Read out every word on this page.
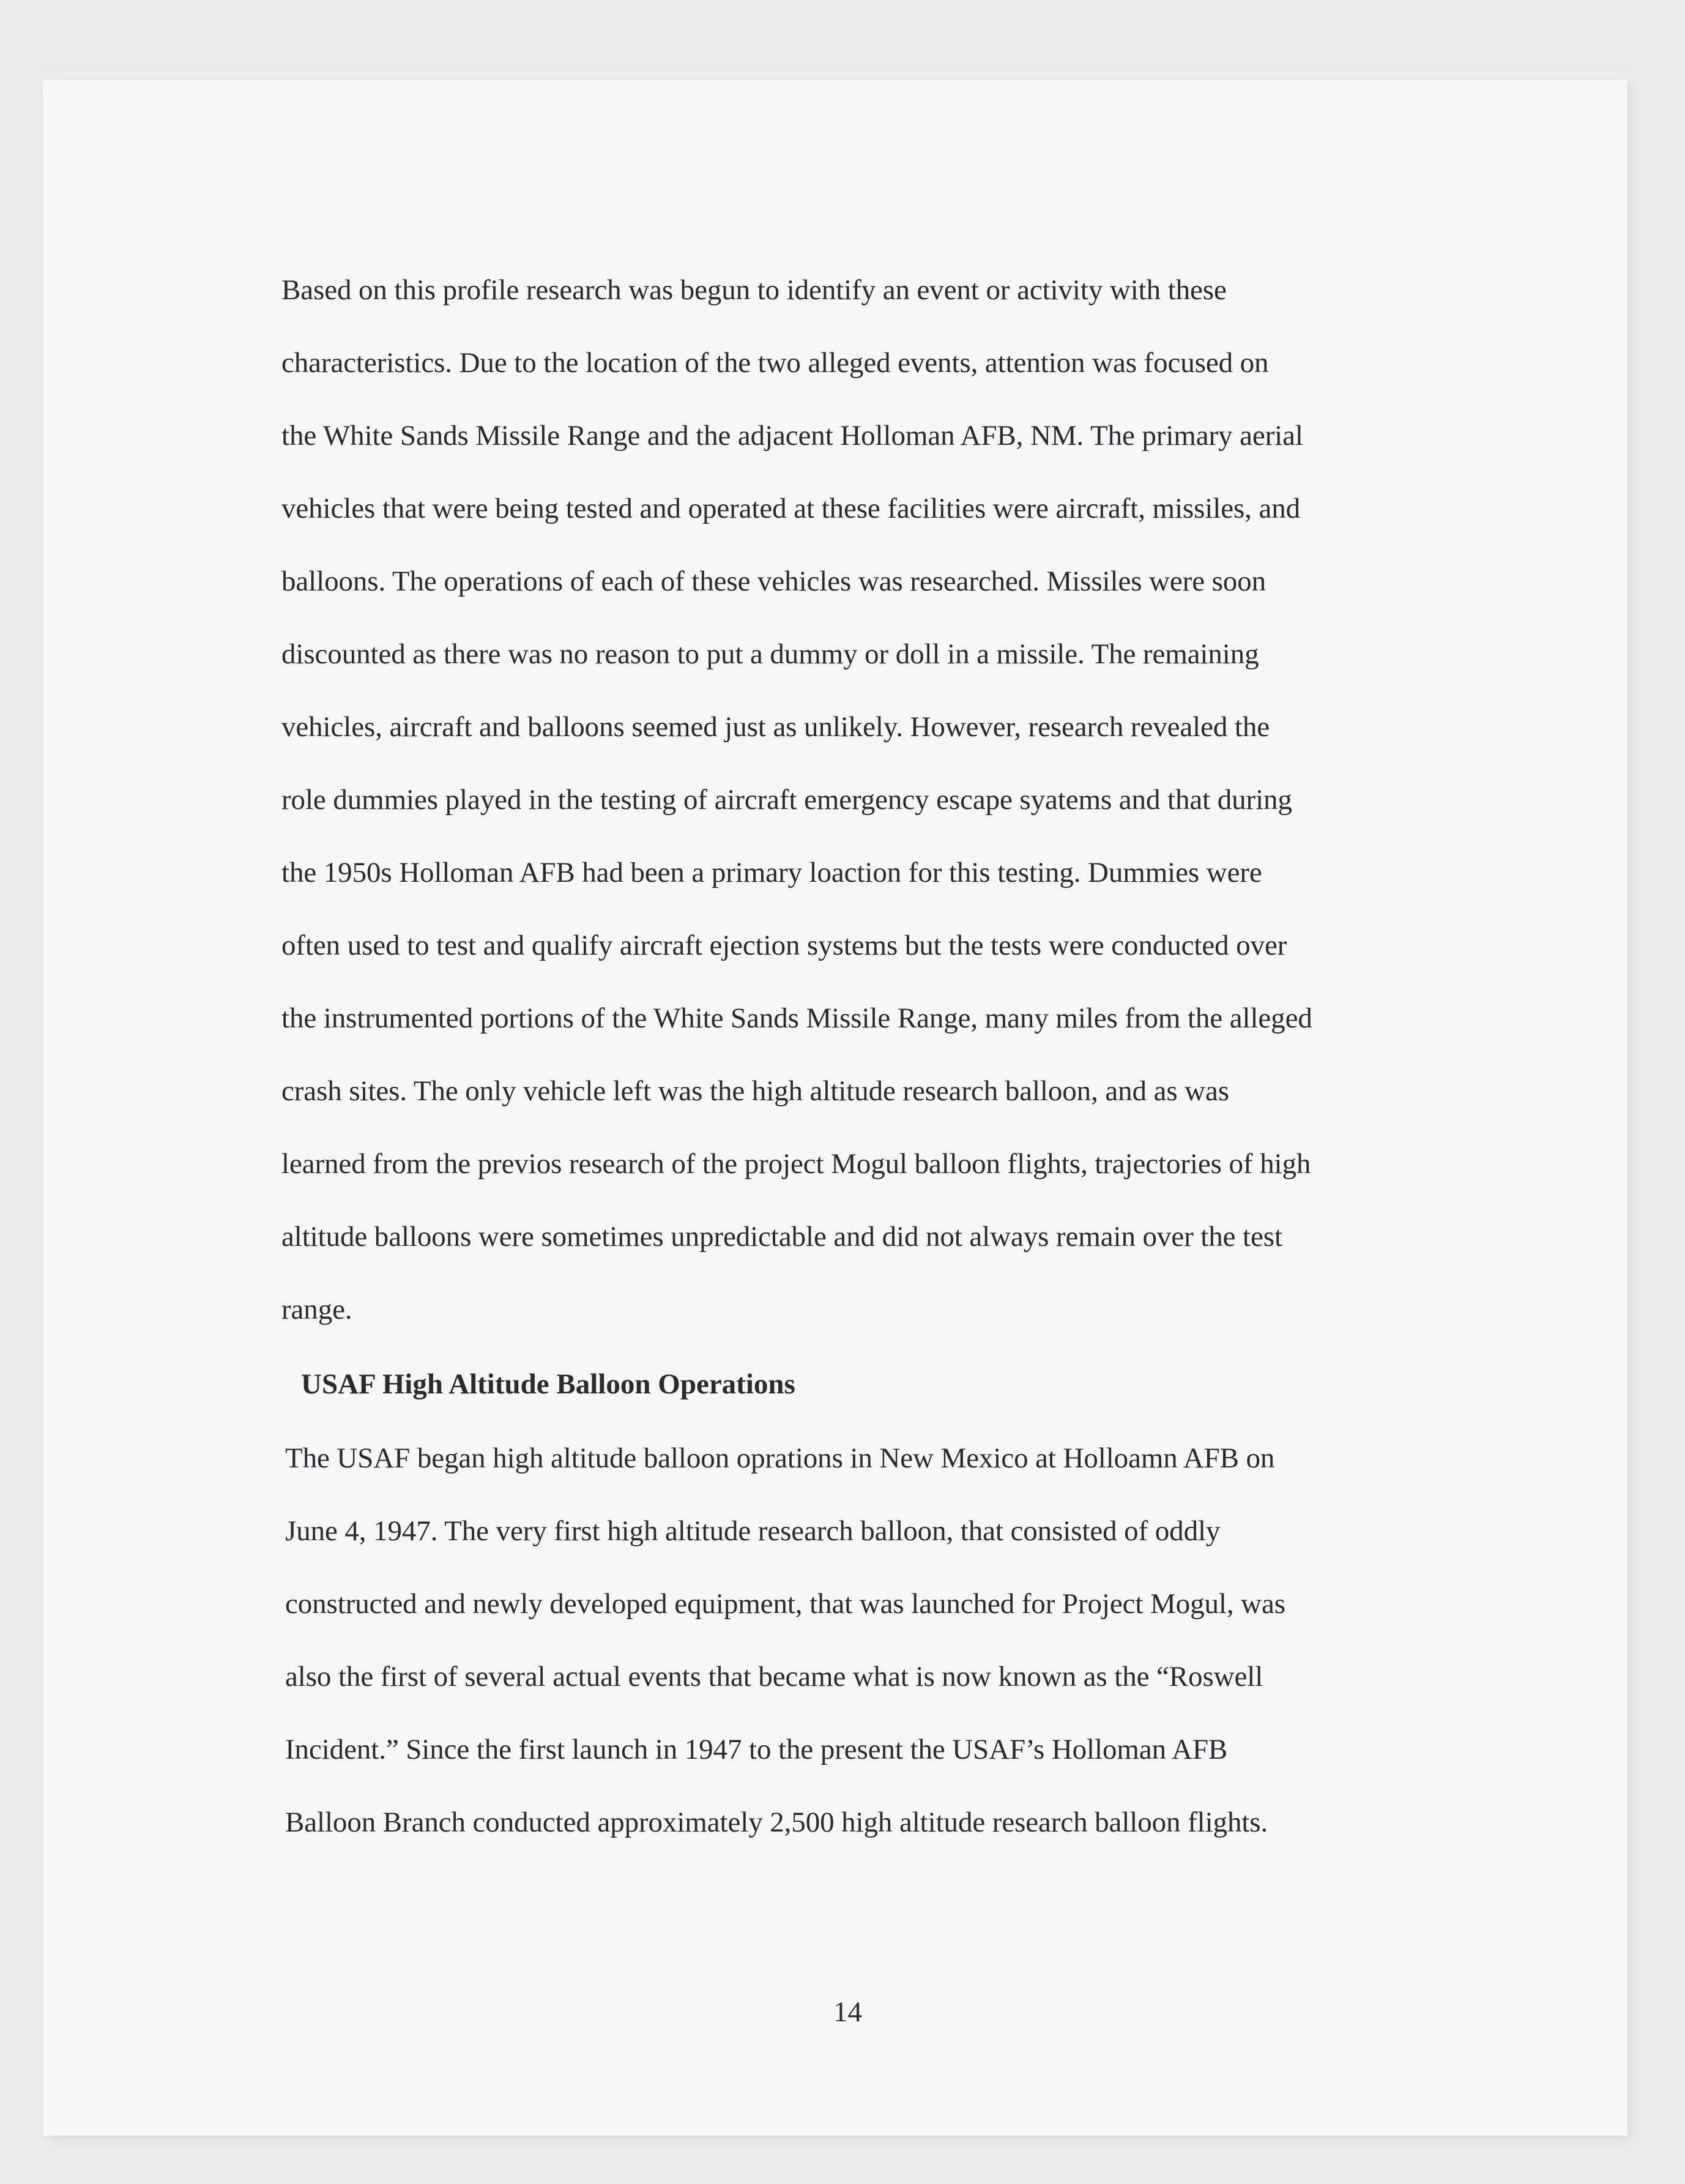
Based on this profile research was begun to identify an event or activity with these
characteristics. Due to the location of the two alleged events, attention was focused on
the White Sands Missile Range and the adjacent Holloman AFB, NM. The primary aerial
vehicles that were being tested and operated at these facilities were aircraft, missiles, and
balloons. The operations of each of these vehicles was researched. Missiles were soon
discounted as there was no reason to put a dummy or doll in a missile. The remaining
vehicles, aircraft and balloons seemed just as unlikely. However, research revealed the
role dummies played in the testing of aircraft emergency escape syatems and that during
the 1950s Holloman AFB had been a primary loaction for this testing. Dummies were
often used to test and qualify aircraft ejection systems but the tests were conducted over
the instrumented portions of the White Sands Missile Range, many miles from the alleged
crash sites. The only vehicle left was the high altitude research balloon, and as was
learned from the previos research of the project Mogul balloon flights, trajectories of high
altitude balloons were sometimes unpredictable and did not always remain over the test
range.
USAF High Altitude Balloon Operations
The USAF began high altitude balloon oprations in New Mexico at Holloamn AFB on
June 4, 1947. The very first high altitude research balloon, that consisted of oddly
constructed and newly developed equipment, that was launched for Project Mogul, was
also the first of several actual events that became what is now known as the “Roswell
Incident.” Since the first launch in 1947 to the present the USAF’s Holloman AFB
Balloon Branch conducted approximately 2,500 high altitude research balloon flights.
14
